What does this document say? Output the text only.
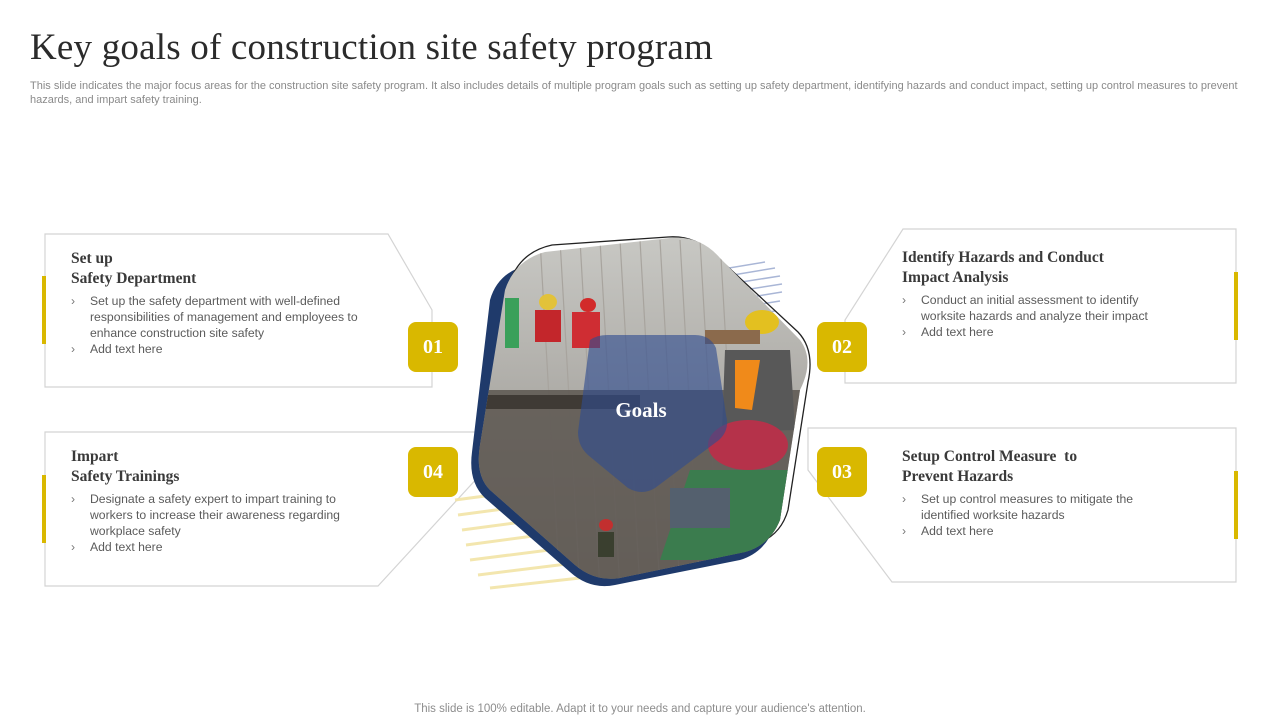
Key goals of construction site safety program

This slide indicates the major focus areas for the construction site safety program. It also includes details of multiple program goals such as setting up safety department, identifying hazards and conduct impact, setting up control measures to prevent hazards, and impart safety training.

Goals
01	02
03
04
Set up
Safety Department
› Set up the safety department with well-defined responsibilities of management and employees to enhance construction site safety
› Add text here
Identify Hazards and Conduct
Impact Analysis
› Conduct an initial assessment to identify worksite hazards and analyze their impact
› Add text here
Setup Control Measure  to
Prevent Hazards
› Set up control measures to mitigate the identified worksite hazards
› Add text here
Impart
Safety Trainings
› Designate a safety expert to impart training to workers to increase their awareness regarding workplace safety
› Add text here
This slide is 100% editable. Adapt it to your needs and capture your audience's attention.
